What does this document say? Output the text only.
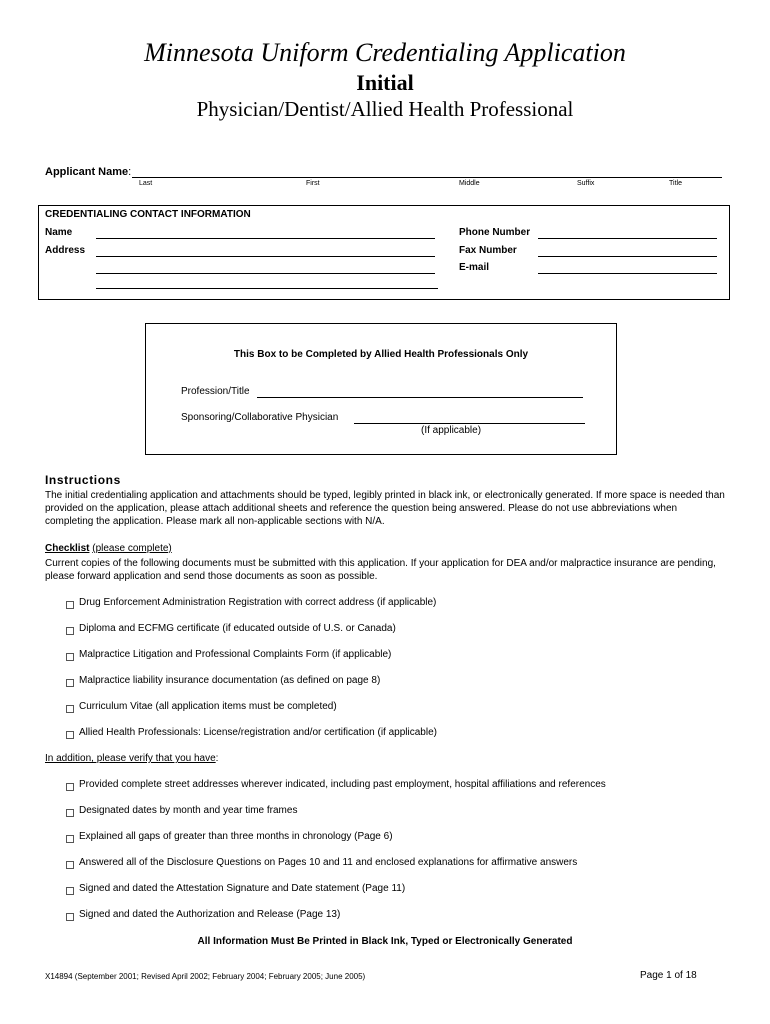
Minnesota Uniform Credentialing Application
Initial
Physician/Dentist/Allied Health Professional
Applicant Name:
Last	First	Middle	Suffix	Title
CREDENTIALING CONTACT INFORMATION
Name
Address
Phone Number
Fax Number
E-mail
This Box to be Completed by Allied Health Professionals Only
Profession/Title
Sponsoring/Collaborative Physician
(If applicable)
Instructions
The initial credentialing application and attachments should be typed, legibly printed in black ink, or electronically generated. If more space is needed than provided on the application, please attach additional sheets and reference the question being answered. Please do not use abbreviations when completing the application. Please mark all non-applicable sections with N/A.
Checklist (please complete)
Current copies of the following documents must be submitted with this application. If your application for DEA and/or malpractice insurance are pending, please forward application and send those documents as soon as possible.
Drug Enforcement Administration Registration with correct address (if applicable)
Diploma and ECFMG certificate (if educated outside of U.S. or Canada)
Malpractice Litigation and Professional Complaints Form (if applicable)
Malpractice liability insurance documentation (as defined on page 8)
Curriculum Vitae (all application items must be completed)
Allied Health Professionals: License/registration and/or certification (if applicable)
In addition, please verify that you have:
Provided complete street addresses wherever indicated, including past employment, hospital affiliations and references
Designated dates by month and year time frames
Explained all gaps of greater than three months in chronology (Page 6)
Answered all of the Disclosure Questions on Pages 10 and 11 and enclosed explanations for affirmative answers
Signed and dated the Attestation Signature and Date statement (Page 11)
Signed and dated the Authorization and Release (Page 13)
All Information Must Be Printed in Black Ink, Typed or Electronically Generated
X14894 (September 2001; Revised April 2002; February 2004; February 2005; June 2005)	Page 1 of 18
